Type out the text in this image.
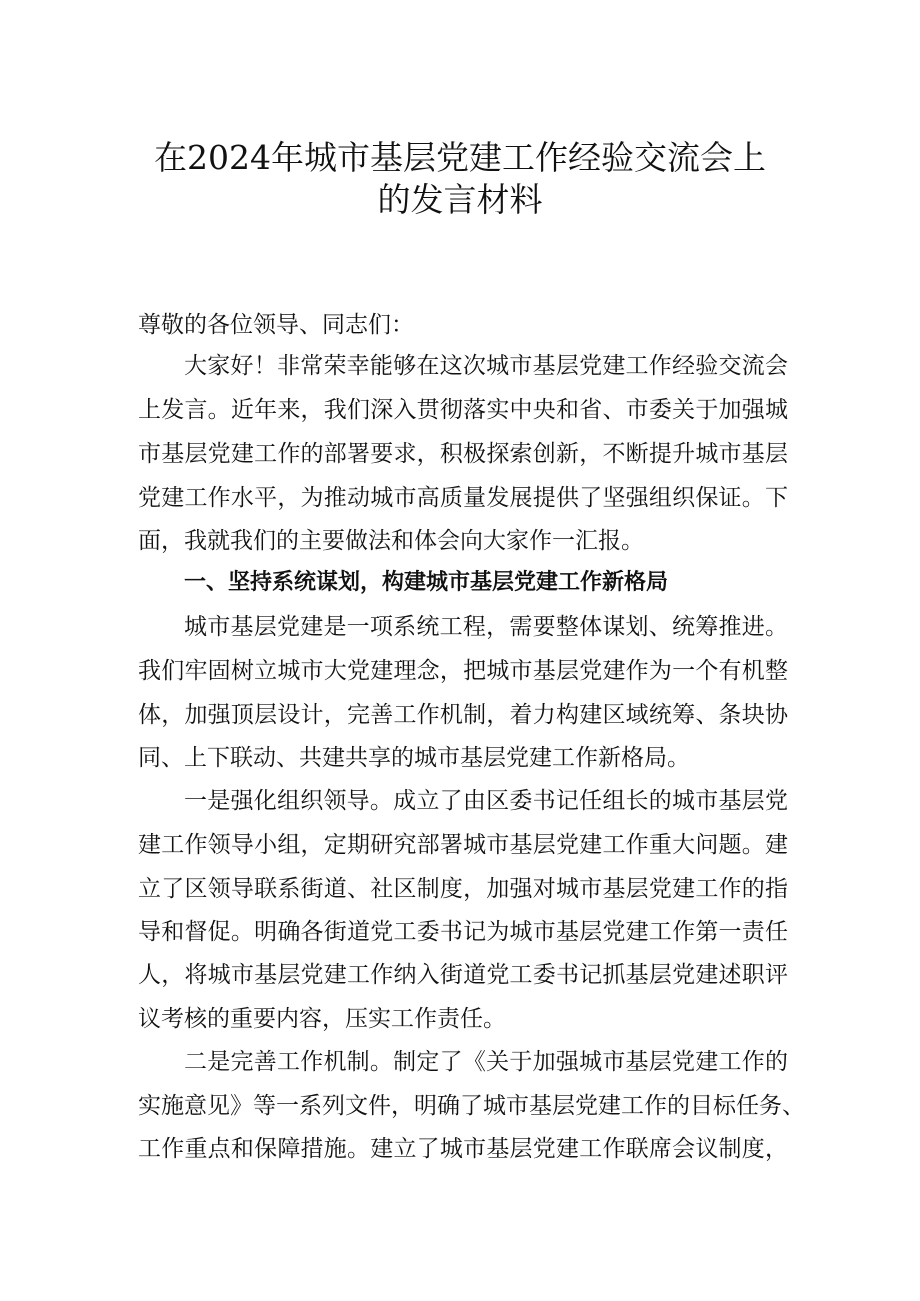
在2024年城市基层党建工作经验交流会上
的发言材料

尊敬的各位领导、同志们：

大家好！非常荣幸能够在这次城市基层党建工作经验交流会

上发言。近年来，我们深入贯彻落实中央和省、市委关于加强城

市基层党建工作的部署要求，积极探索创新，不断提升城市基层

党建工作水平，为推动城市高质量发展提供了坚强组织保证。下

面，我就我们的主要做法和体会向大家作一汇报。

一、坚持系统谋划，构建城市基层党建工作新格局

城市基层党建是一项系统工程，需要整体谋划、统筹推进。

我们牢固树立城市大党建理念，把城市基层党建作为一个有机整

体，加强顶层设计，完善工作机制，着力构建区域统筹、条块协

同、上下联动、共建共享的城市基层党建工作新格局。

一是强化组织领导。成立了由区委书记任组长的城市基层党

建工作领导小组，定期研究部署城市基层党建工作重大问题。建

立了区领导联系街道、社区制度，加强对城市基层党建工作的指

导和督促。明确各街道党工委书记为城市基层党建工作第一责任

人，将城市基层党建工作纳入街道党工委书记抓基层党建述职评

议考核的重要内容，压实工作责任。

二是完善工作机制。制定了《关于加强城市基层党建工作的

实施意见》等一系列文件，明确了城市基层党建工作的目标任务、

工作重点和保障措施。建立了城市基层党建工作联席会议制度，
